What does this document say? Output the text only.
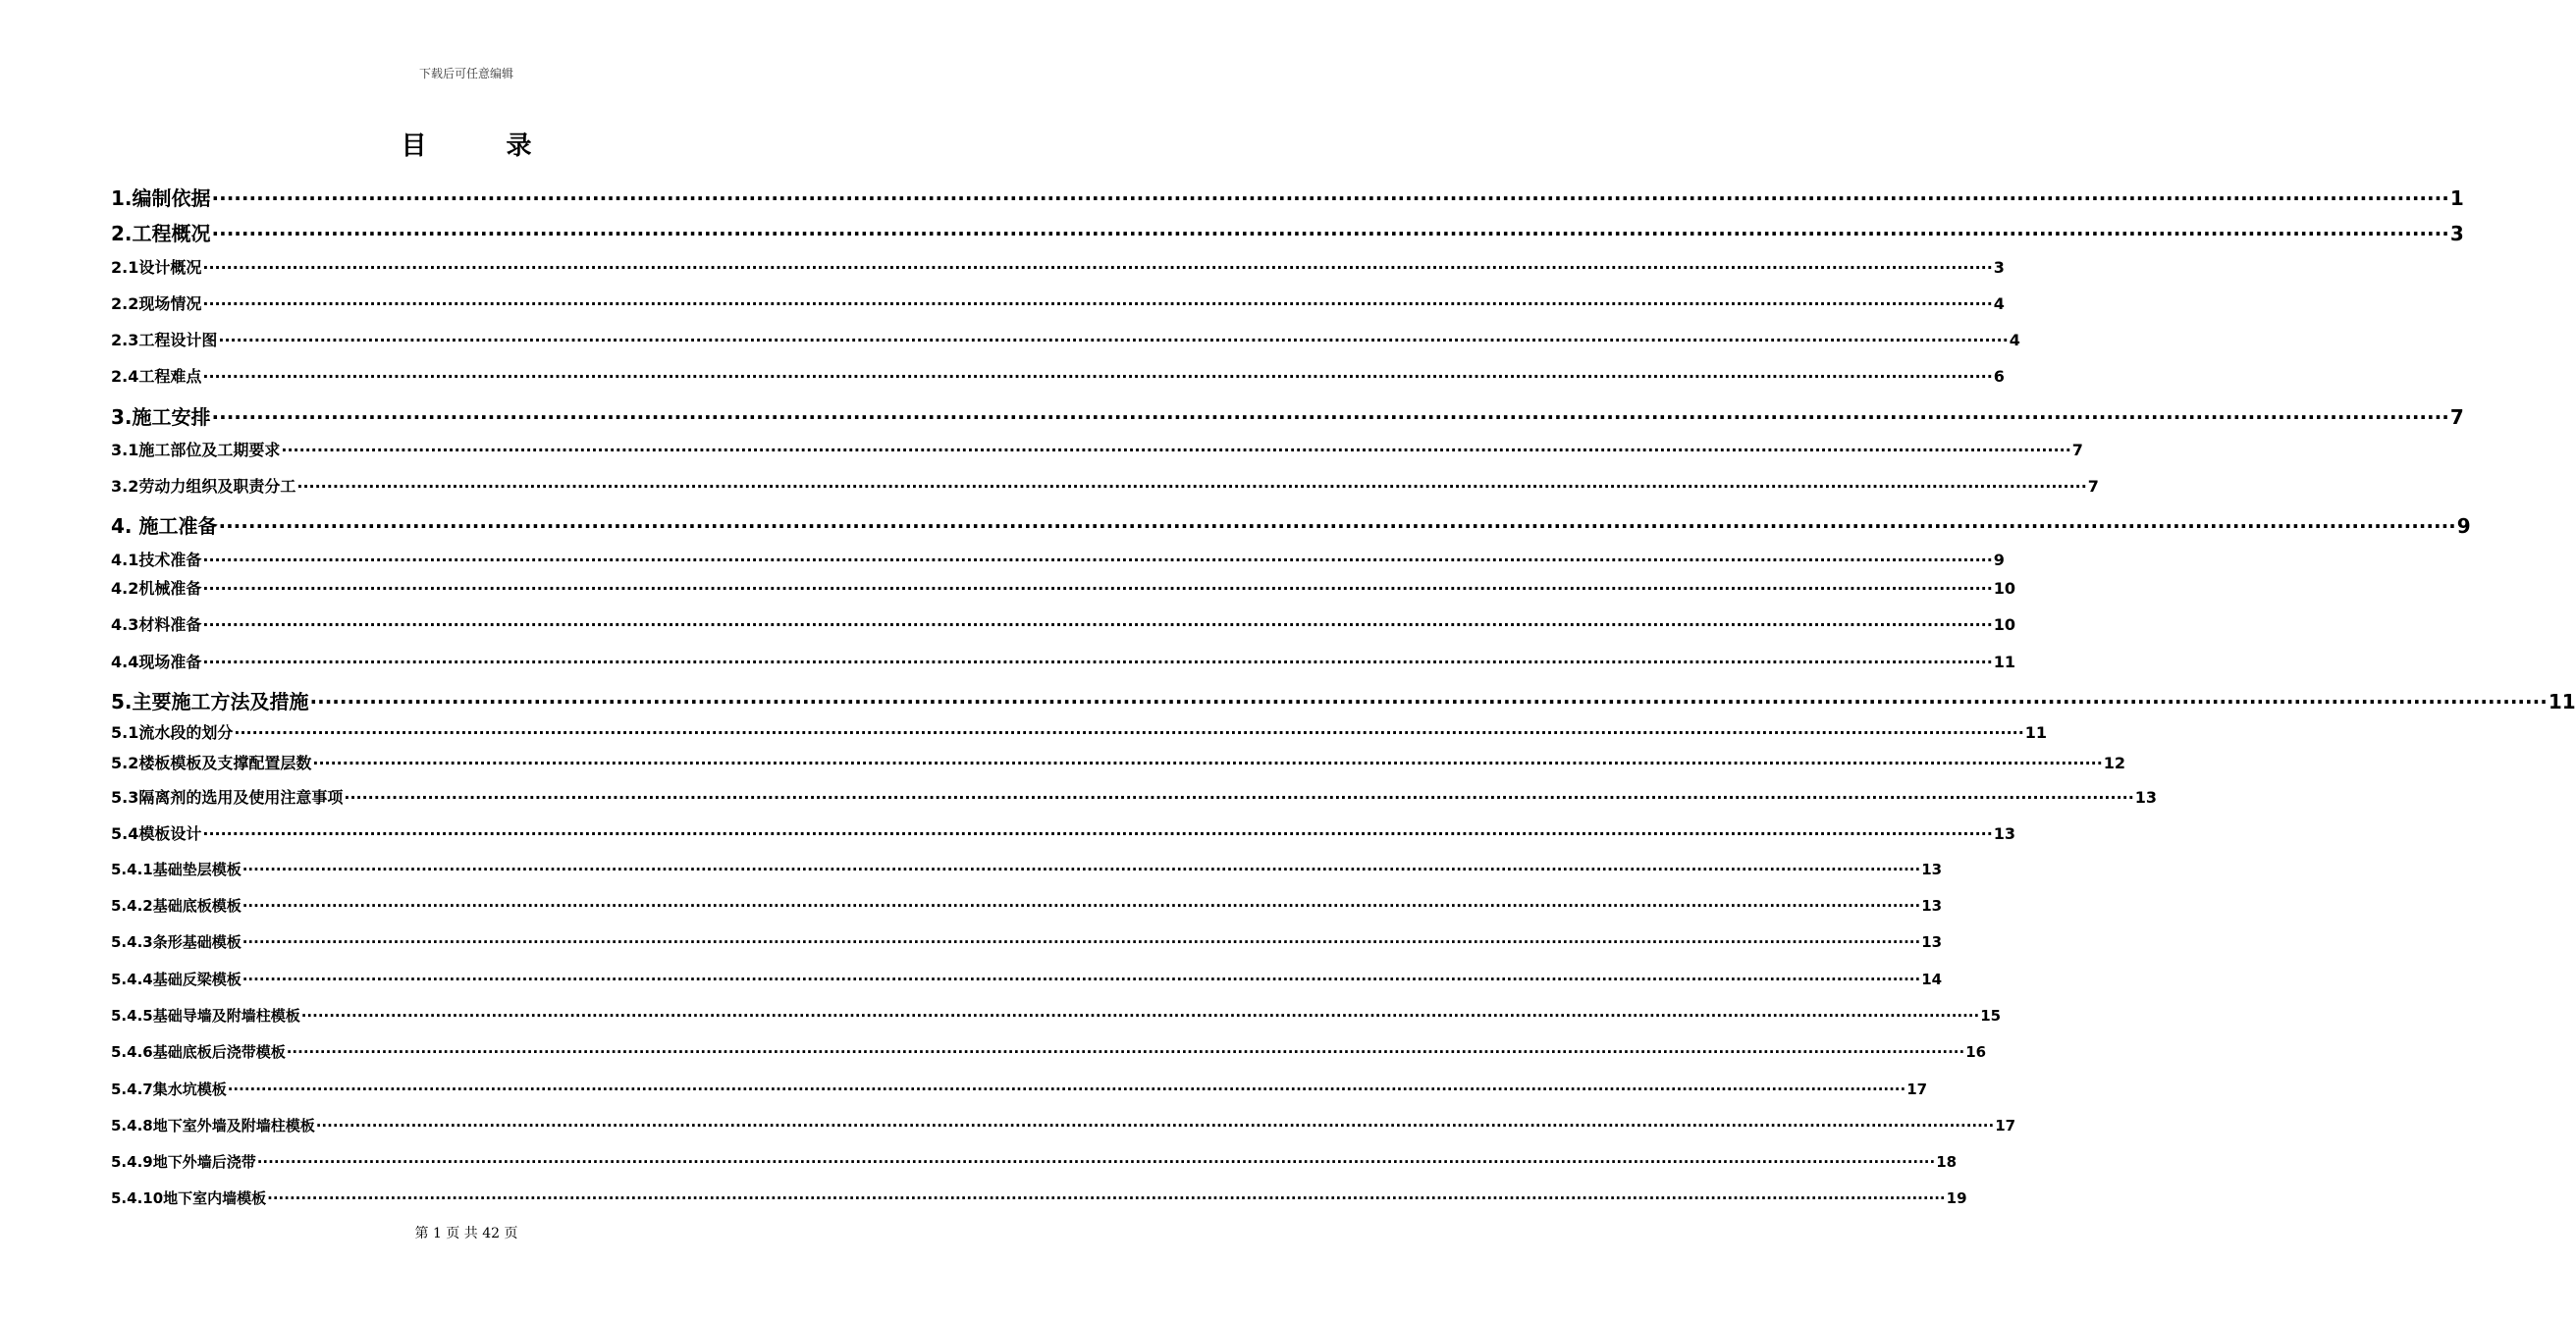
下载后可任意编辑
目 录
1.编制依据 ············································································································································································································································································································ 1
2.工程概况 ············································································································································································································································································································ 3
2.1设计概况 ············································································································································································································································································································ 3
2.2现场情况 ············································································································································································································································································································ 4
2.3工程设计图 ············································································································································································································································································································ 4
2.4工程难点 ············································································································································································································································································································ 6
3.施工安排 ············································································································································································································································································································ 7
3.1施工部位及工期要求 ············································································································································································································································································································ 7
3.2劳动力组织及职责分工 ············································································································································································································································································································ 7
4. 施工准备 ············································································································································································································································································································ 9
4.1技术准备 ············································································································································································································································································································ 9
4.2机械准备 ············································································································································································································································································································ 10
4.3材料准备 ············································································································································································································································································································ 10
4.4现场准备 ············································································································································································································································································································ 11
5.主要施工方法及措施 ············································································································································································································································································································ 11
5.1流水段的划分 ············································································································································································································································································································ 11
5.2楼板模板及支撑配置层数 ············································································································································································································································································································ 12
5.3隔离剂的选用及使用注意事项 ············································································································································································································································································································ 13
5.4模板设计 ············································································································································································································································································································ 13
5.4.1基础垫层模板 ············································································································································································································································································································ 13
5.4.2基础底板模板 ············································································································································································································································································································ 13
5.4.3条形基础模板 ············································································································································································································································································································ 13
5.4.4基础反梁模板 ············································································································································································································································································································ 14
5.4.5基础导墙及附墙柱模板 ············································································································································································································································································································ 15
5.4.6基础底板后浇带模板 ············································································································································································································································································································ 16
5.4.7集水坑模板 ············································································································································································································································································································ 17
5.4.8地下室外墙及附墙柱模板 ············································································································································································································································································································ 17
5.4.9地下外墙后浇带 ············································································································································································································································································································ 18
5.4.10地下室内墙模板 ············································································································································································································································································································ 19
第 1 页 共 42 页
